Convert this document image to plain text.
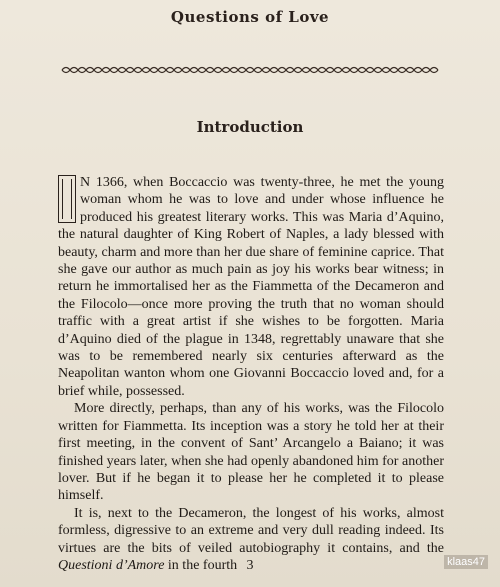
Questions of Love
Introduction

N 1366, when Boccaccio was twenty-three, he met the young woman whom he was to love and under whose influence he produced his greatest literary works. This was Maria d’Aquino, the natural daughter of King Robert of Naples, a lady blessed with beauty, charm and more than her due share of feminine caprice. That she gave our author as much pain as joy his works bear witness; in return he immortalised her as the Fiammetta of the Decameron and the Filocolo—once more proving the truth that no woman should traffic with a great artist if she wishes to be forgotten. Maria d’Aquino died of the plague in 1348, regrettably unaware that she was to be remembered nearly six centuries afterward as the Neapolitan wanton whom one Giovanni Boccaccio loved and, for a brief while, possessed.

More directly, perhaps, than any of his works, was the Filocolo written for Fiammetta. Its inception was a story he told her at their first meeting, in the convent of Sant’ Arcangelo a Baiano; it was finished years later, when she had openly abandoned him for another lover. But if he began it to please her he completed it to please himself.

It is, next to the Decameron, the longest of his works, almost formless, digressive to an extreme and very dull reading indeed. Its virtues are the bits of veiled autobiography it contains, and the Questioni d’Amore in the fourth 3	klaas47
